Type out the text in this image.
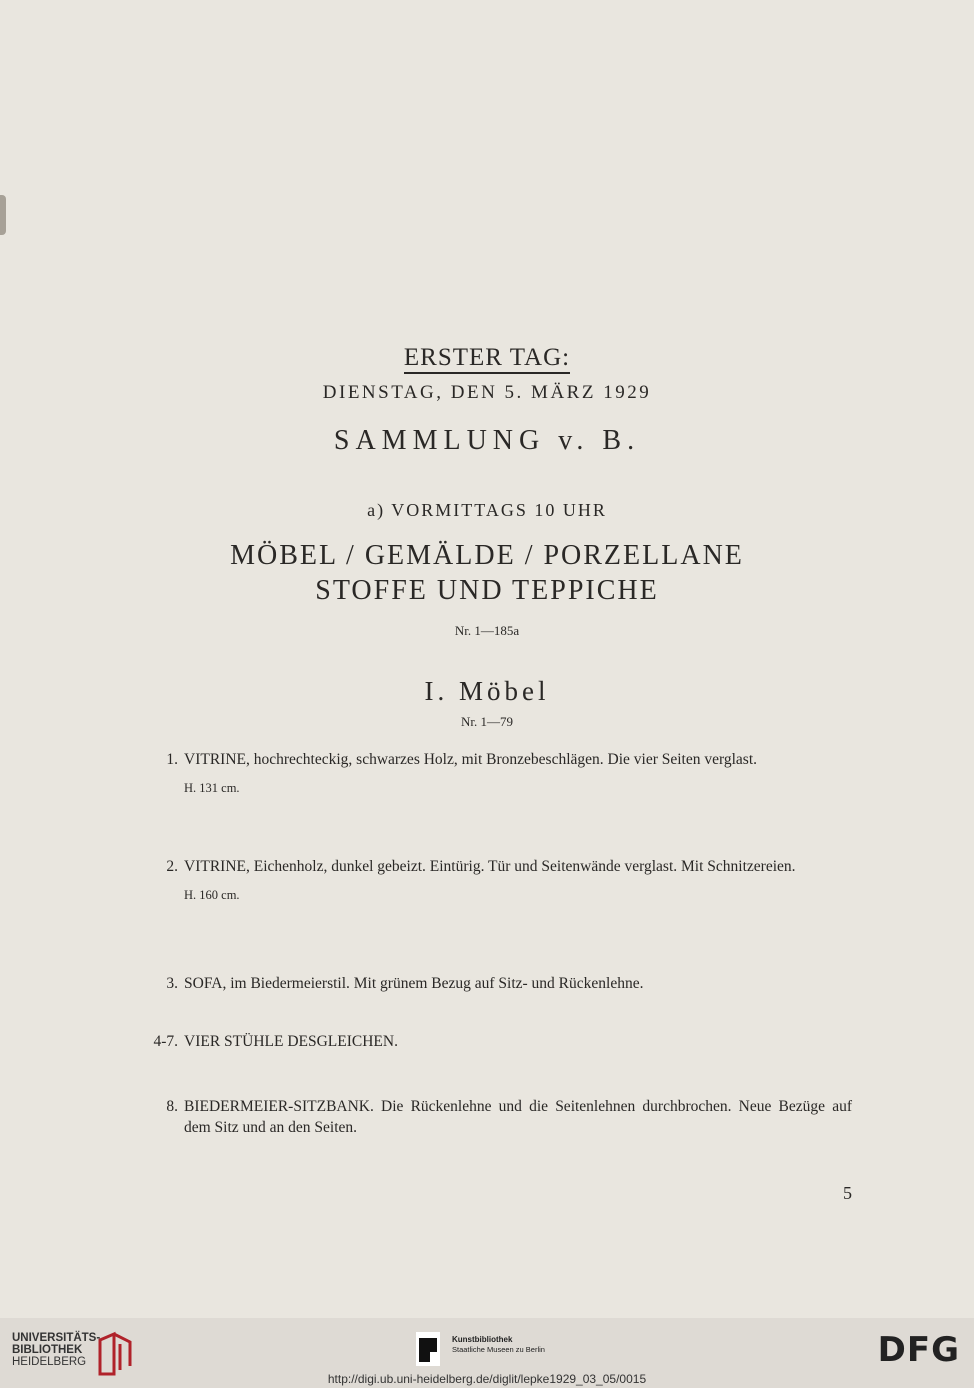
ERSTER TAG:
DIENSTAG, DEN 5. MÄRZ 1929
SAMMLUNG v. B.
a) VORMITTAGS 10 UHR
MÖBEL / GEMÄLDE / PORZELLANE
STOFFE UND TEPPICHE
Nr. 1—185a
I. Möbel
Nr. 1—79
1. VITRINE, hochrechteckig, schwarzes Holz, mit Bronzebeschlägen. Die vier Seiten verglast.
H. 131 cm.
2. VITRINE, Eichenholz, dunkel gebeizt. Eintürig. Tür und Seitenwände verglast. Mit Schnitzereien.
H. 160 cm.
3. SOFA, im Biedermeierstil. Mit grünem Bezug auf Sitz- und Rückenlehne.
4-7. VIER STÜHLE DESGLEICHEN.
8. BIEDERMEIER-SITZBANK. Die Rückenlehne und die Seitenlehnen durchbrochen. Neue Bezüge auf dem Sitz und an den Seiten.
5
UNIVERSITÄTS-
BIBLIOTHEK
HEIDELBERG
Kunstbibliothek
Staatliche Museen zu Berlin	DFG
http://digi.ub.uni-heidelberg.de/diglit/lepke1929_03_05/0015
